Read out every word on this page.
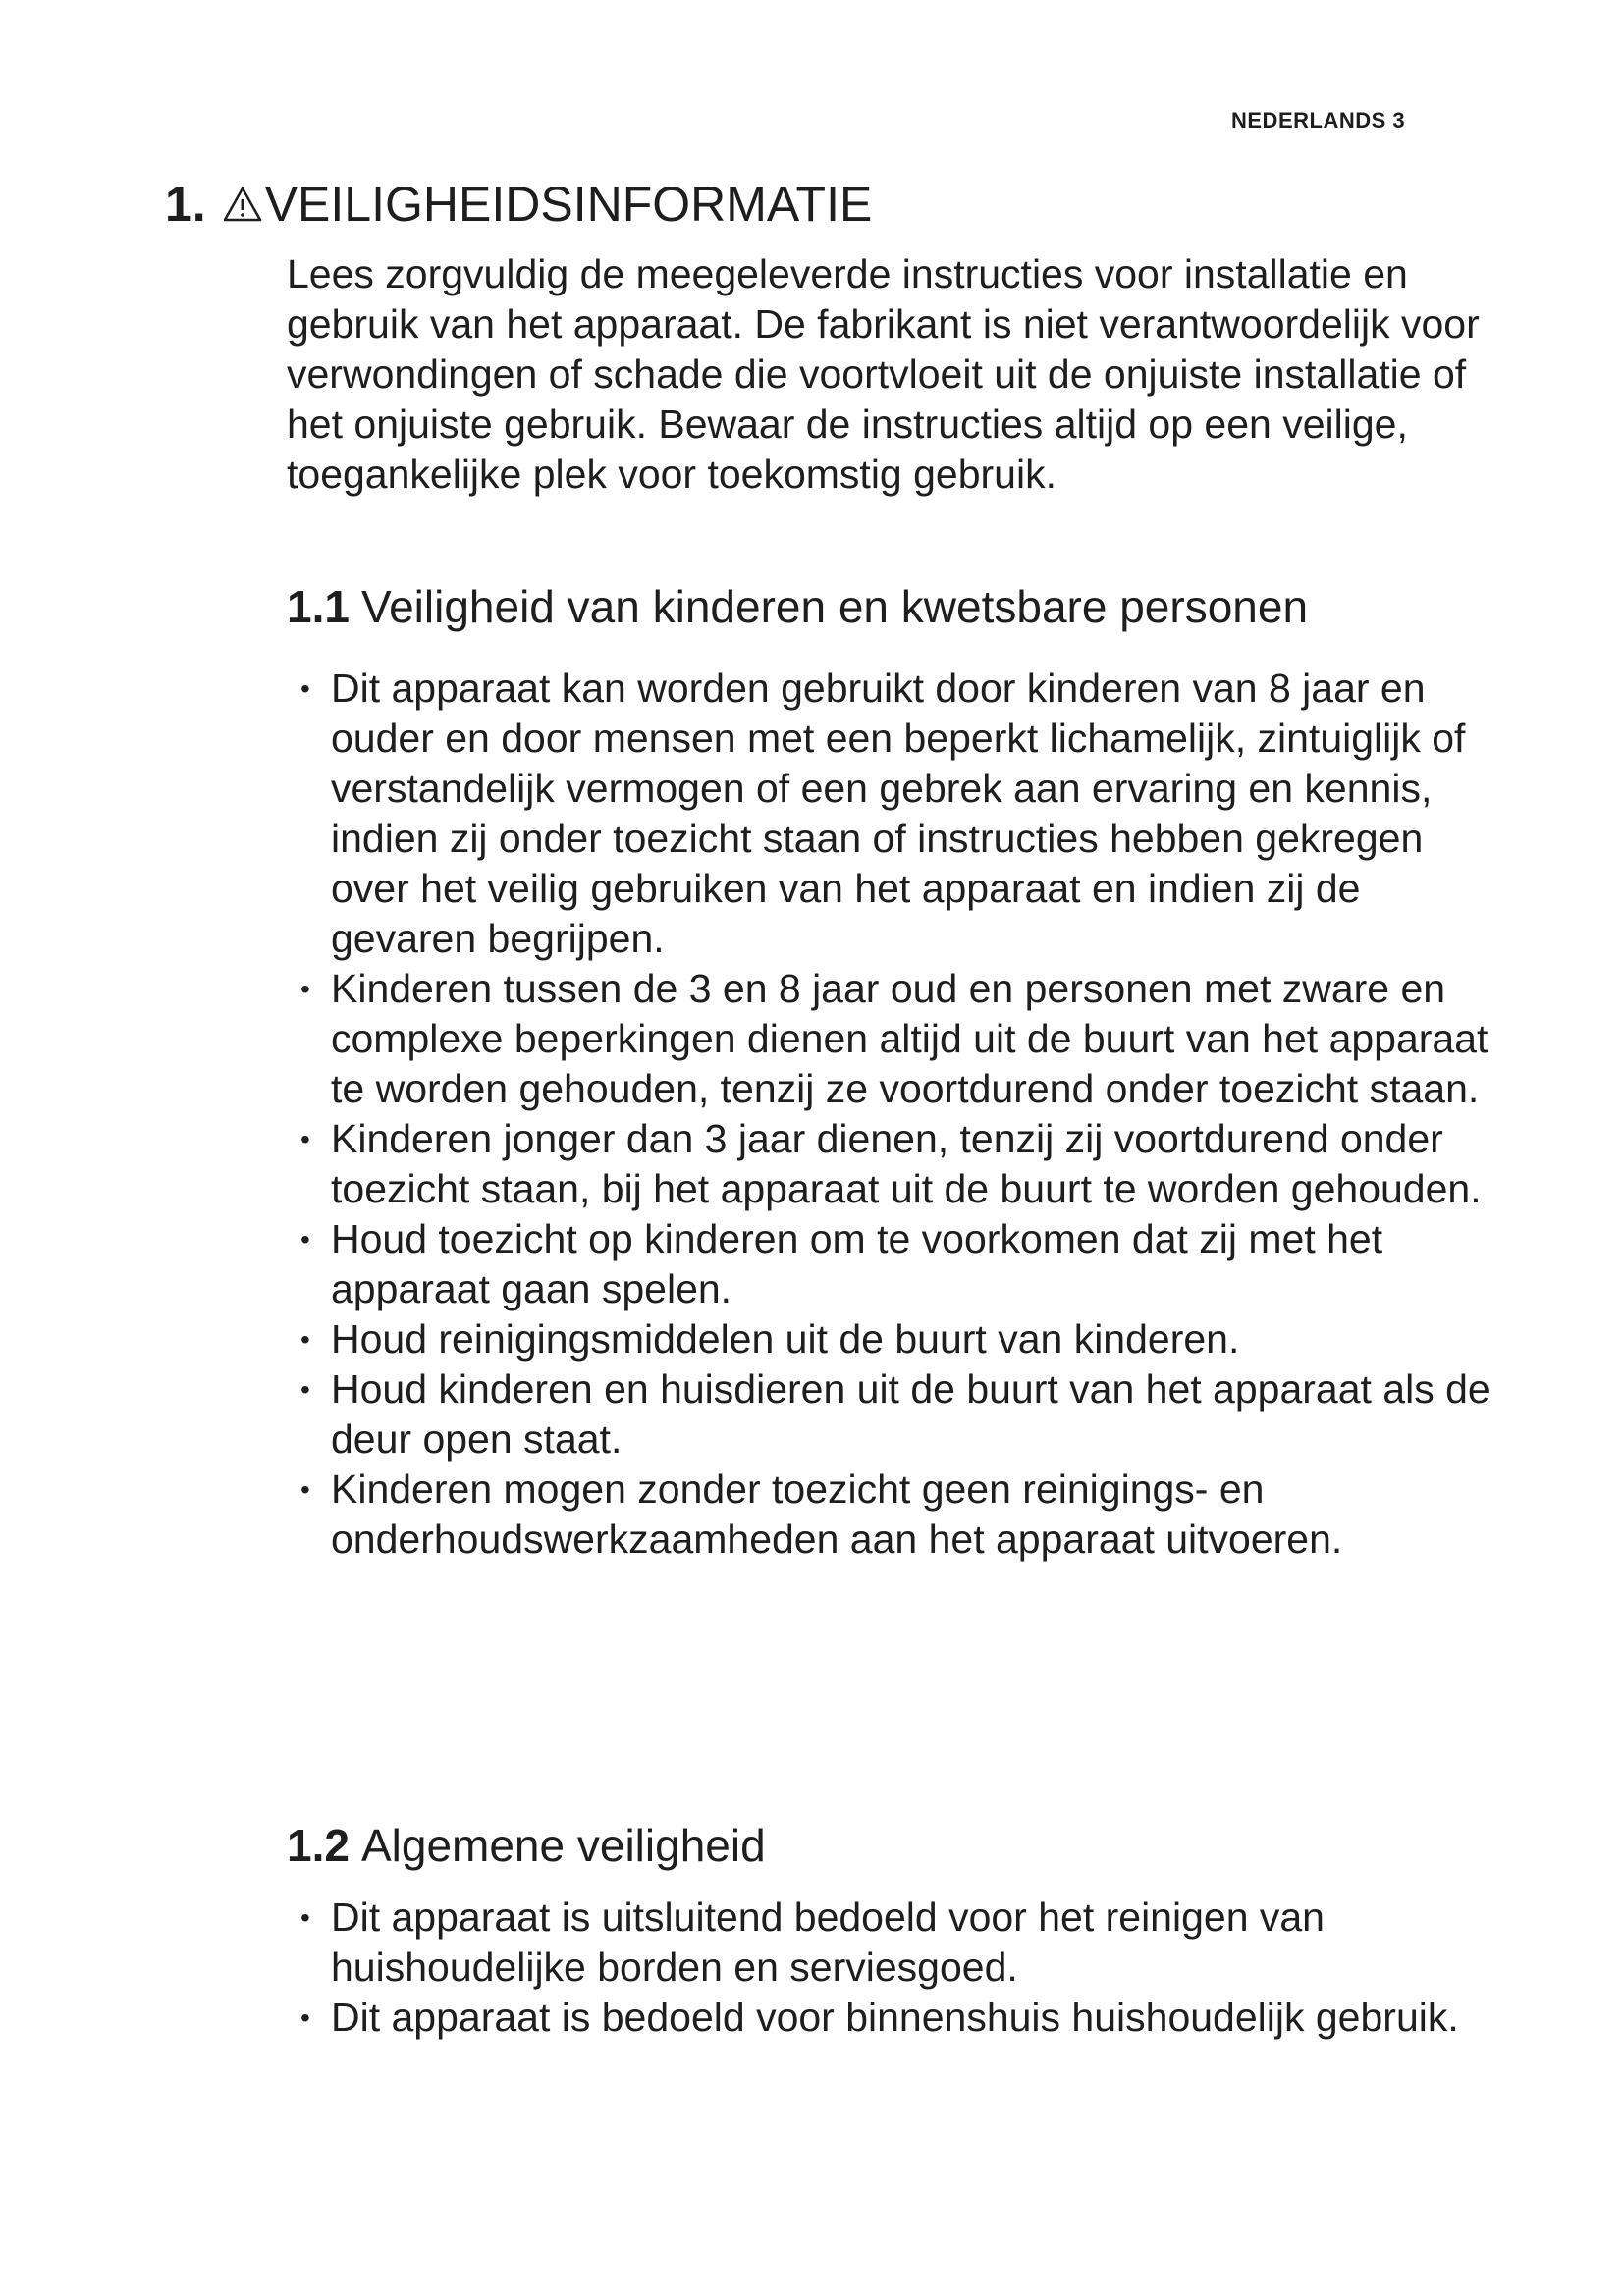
NEDERLANDS 3
1. VEILIGHEIDSINFORMATIE
Lees zorgvuldig de meegeleverde instructies voor installatie en gebruik van het apparaat. De fabrikant is niet verantwoordelijk voor verwondingen of schade die voortvloeit uit de onjuiste installatie of het onjuiste gebruik. Bewaar de instructies altijd op een veilige, toegankelijke plek voor toekomstig gebruik.
1.1 Veiligheid van kinderen en kwetsbare personen
• Dit apparaat kan worden gebruikt door kinderen van 8 jaar en ouder en door mensen met een beperkt lichamelijk, zintuiglijk of verstandelijk vermogen of een gebrek aan ervaring en kennis, indien zij onder toezicht staan of instructies hebben gekregen over het veilig gebruiken van het apparaat en indien zij de gevaren begrijpen.
• Kinderen tussen de 3 en 8 jaar oud en personen met zware en complexe beperkingen dienen altijd uit de buurt van het apparaat te worden gehouden, tenzij ze voortdurend onder toezicht staan.
• Kinderen jonger dan 3 jaar dienen, tenzij zij voortdurend onder toezicht staan, bij het apparaat uit de buurt te worden gehouden.
• Houd toezicht op kinderen om te voorkomen dat zij met het apparaat gaan spelen.
• Houd reinigingsmiddelen uit de buurt van kinderen.
• Houd kinderen en huisdieren uit de buurt van het apparaat als de deur open staat.
• Kinderen mogen zonder toezicht geen reinigings- en onderhoudswerkzaamheden aan het apparaat uitvoeren.
1.2 Algemene veiligheid
• Dit apparaat is uitsluitend bedoeld voor het reinigen van huishoudelijke borden en serviesgoed.
• Dit apparaat is bedoeld voor binnenshuis huishoudelijk gebruik.
